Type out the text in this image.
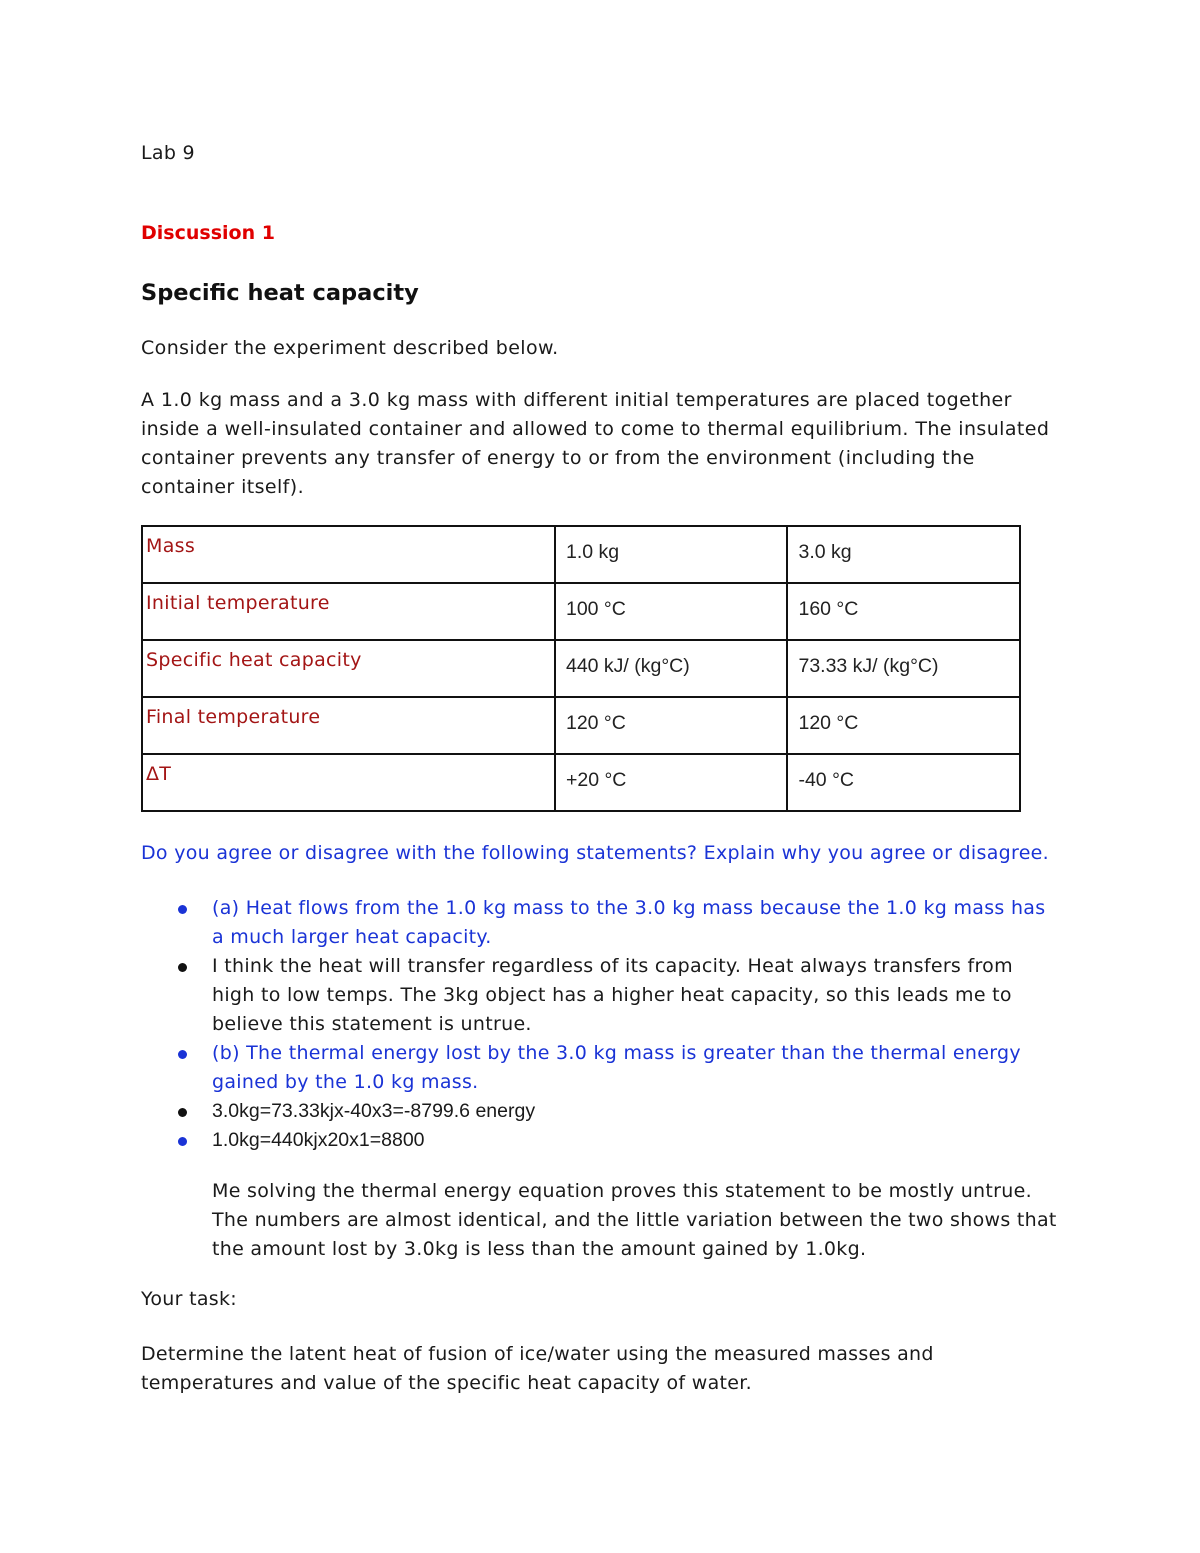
Lab 9
Discussion 1
Specific heat capacity
Consider the experiment described below.
A 1.0 kg mass and a 3.0 kg mass with different initial temperatures are placed together inside a well-insulated container and allowed to come to thermal equilibrium. The insulated container prevents any transfer of energy to or from the environment (including the container itself).
Mass	1.0 kg	3.0 kg
Initial temperature	100 °C	160 °C
Specific heat capacity	440 kJ/ (kg°C)	73.33 kJ/ (kg°C)
Final temperature	120 °C	120 °C
ΔT	+20 °C	-40 °C
Do you agree or disagree with the following statements? Explain why you agree or disagree.
(a) Heat flows from the 1.0 kg mass to the 3.0 kg mass because the 1.0 kg mass has a much larger heat capacity.
I think the heat will transfer regardless of its capacity. Heat always transfers from high to low temps. The 3kg object has a higher heat capacity, so this leads me to believe this statement is untrue.
(b) The thermal energy lost by the 3.0 kg mass is greater than the thermal energy gained by the 1.0 kg mass.
3.0kg=73.33kjx-40x3=-8799.6 energy
1.0kg=440kjx20x1=8800
Me solving the thermal energy equation proves this statement to be mostly untrue. The numbers are almost identical, and the little variation between the two shows that the amount lost by 3.0kg is less than the amount gained by 1.0kg.
Your task:
Determine the latent heat of fusion of ice/water using the measured masses and temperatures and value of the specific heat capacity of water.
